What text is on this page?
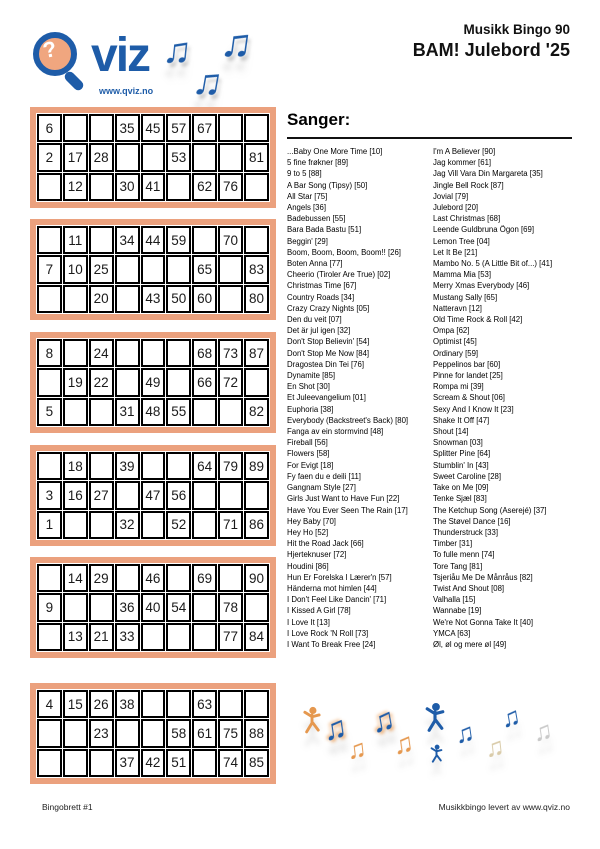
? viz
www.qviz.no
♫ ♫
♫
Musikk Bingo 90
BAM! Julebord '25
6			35	45	57	67		
2	17	28			53			81
	12		30	41		62	76	
	11		34	44	59		70	
7	10	25				65		83
		20		43	50	60		80
8		24				68	73	87
	19	22		49		66	72	
5			31	48	55			82
	18		39			64	79	89
3	16	27		47	56			
1			32		52		71	86
	14	29		46		69		90
9			36	40	54		78	
	13	21	33				77	84
4	15	26	38			63		
		23			58	61	75	88
			37	42	51		74	85
Sanger:
...Baby One More Time [10]
5 fine frøkner [89]
9 to 5 [88]
A Bar Song (Tipsy) [50]
All Star [75]
Angels [36]
Badebussen [55]
Bara Bada Bastu [51]
Beggin' [29]
Boom, Boom, Boom, Boom!! [26]
Boten Anna [77]
Cheerio (Tiroler Are True) [02]
Christmas Time [67]
Country Roads [34]
Crazy Crazy Nights [05]
Den du veit [07]
Det är jul igen [32]
Don't Stop Believin' [54]
Don't Stop Me Now [84]
Dragostea Din Tei [76]
Dynamite [85]
En Shot [30]
Et Juleevangelium [01]
Euphoria [38]
Everybody (Backstreet's Back) [80]
Fanga av ein stormvind [48]
Fireball [56]
Flowers [58]
For Evigt [18]
Fy faen du e deili [11]
Gangnam Style [27]
Girls Just Want to Have Fun [22]
Have You Ever Seen The Rain [17]
Hey Baby [70]
Hey Ho [52]
Hit the Road Jack [66]
Hjerteknuser [72]
Houdini [86]
Hun Er Forelska I Lærer'n [57]
Händerna mot himlen [44]
I Don't Feel Like Dancin' [71]
I Kissed A Girl [78]
I Love It [13]
I Love Rock 'N Roll [73]
I Want To Break Free [24]
I'm A Believer [90]
Jag kommer [61]
Jag Vill Vara Din Margareta [35]
Jingle Bell Rock [87]
Jovial [79]
Julebord [20]
Last Christmas [68]
Leende Guldbruna Ögon [69]
Lemon Tree [04]
Let It Be [21]
Mambo No. 5 (A Little Bit of...) [41]
Mamma Mia [53]
Merry Xmas Everybody [46]
Mustang Sally [65]
Natteravn [12]
Old Time Rock & Roll [42]
Ompa [62]
Optimist [45]
Ordinary [59]
Peppelinos bar [60]
Pinne for landet [25]
Rompa mi [39]
Scream & Shout [06]
Sexy And I Know It [23]
Shake It Off [47]
Shout [14]
Snowman [03]
Splitter Pine [64]
Stumblin' In [43]
Sweet Caroline [28]
Take on Me [09]
Tenke Sjæl [83]
The Ketchup Song (Aserejé) [37]
The Støvel Dance [16]
Thunderstruck [33]
Timber [31]
To fulle menn [74]
Tore Tang [81]
Tsjeriåu Me De Månråus [82]
Twist And Shout [08]
Valhalla [15]
Wannabe [19]
We're Not Gonna Take It [40]
YMCA [63]
Øl, øl og mere øl [49]
♫
♫
♫
♫ ♫ ♫
♫ ♫
Bingobrett #1	Musikkbingo levert av www.qviz.no
